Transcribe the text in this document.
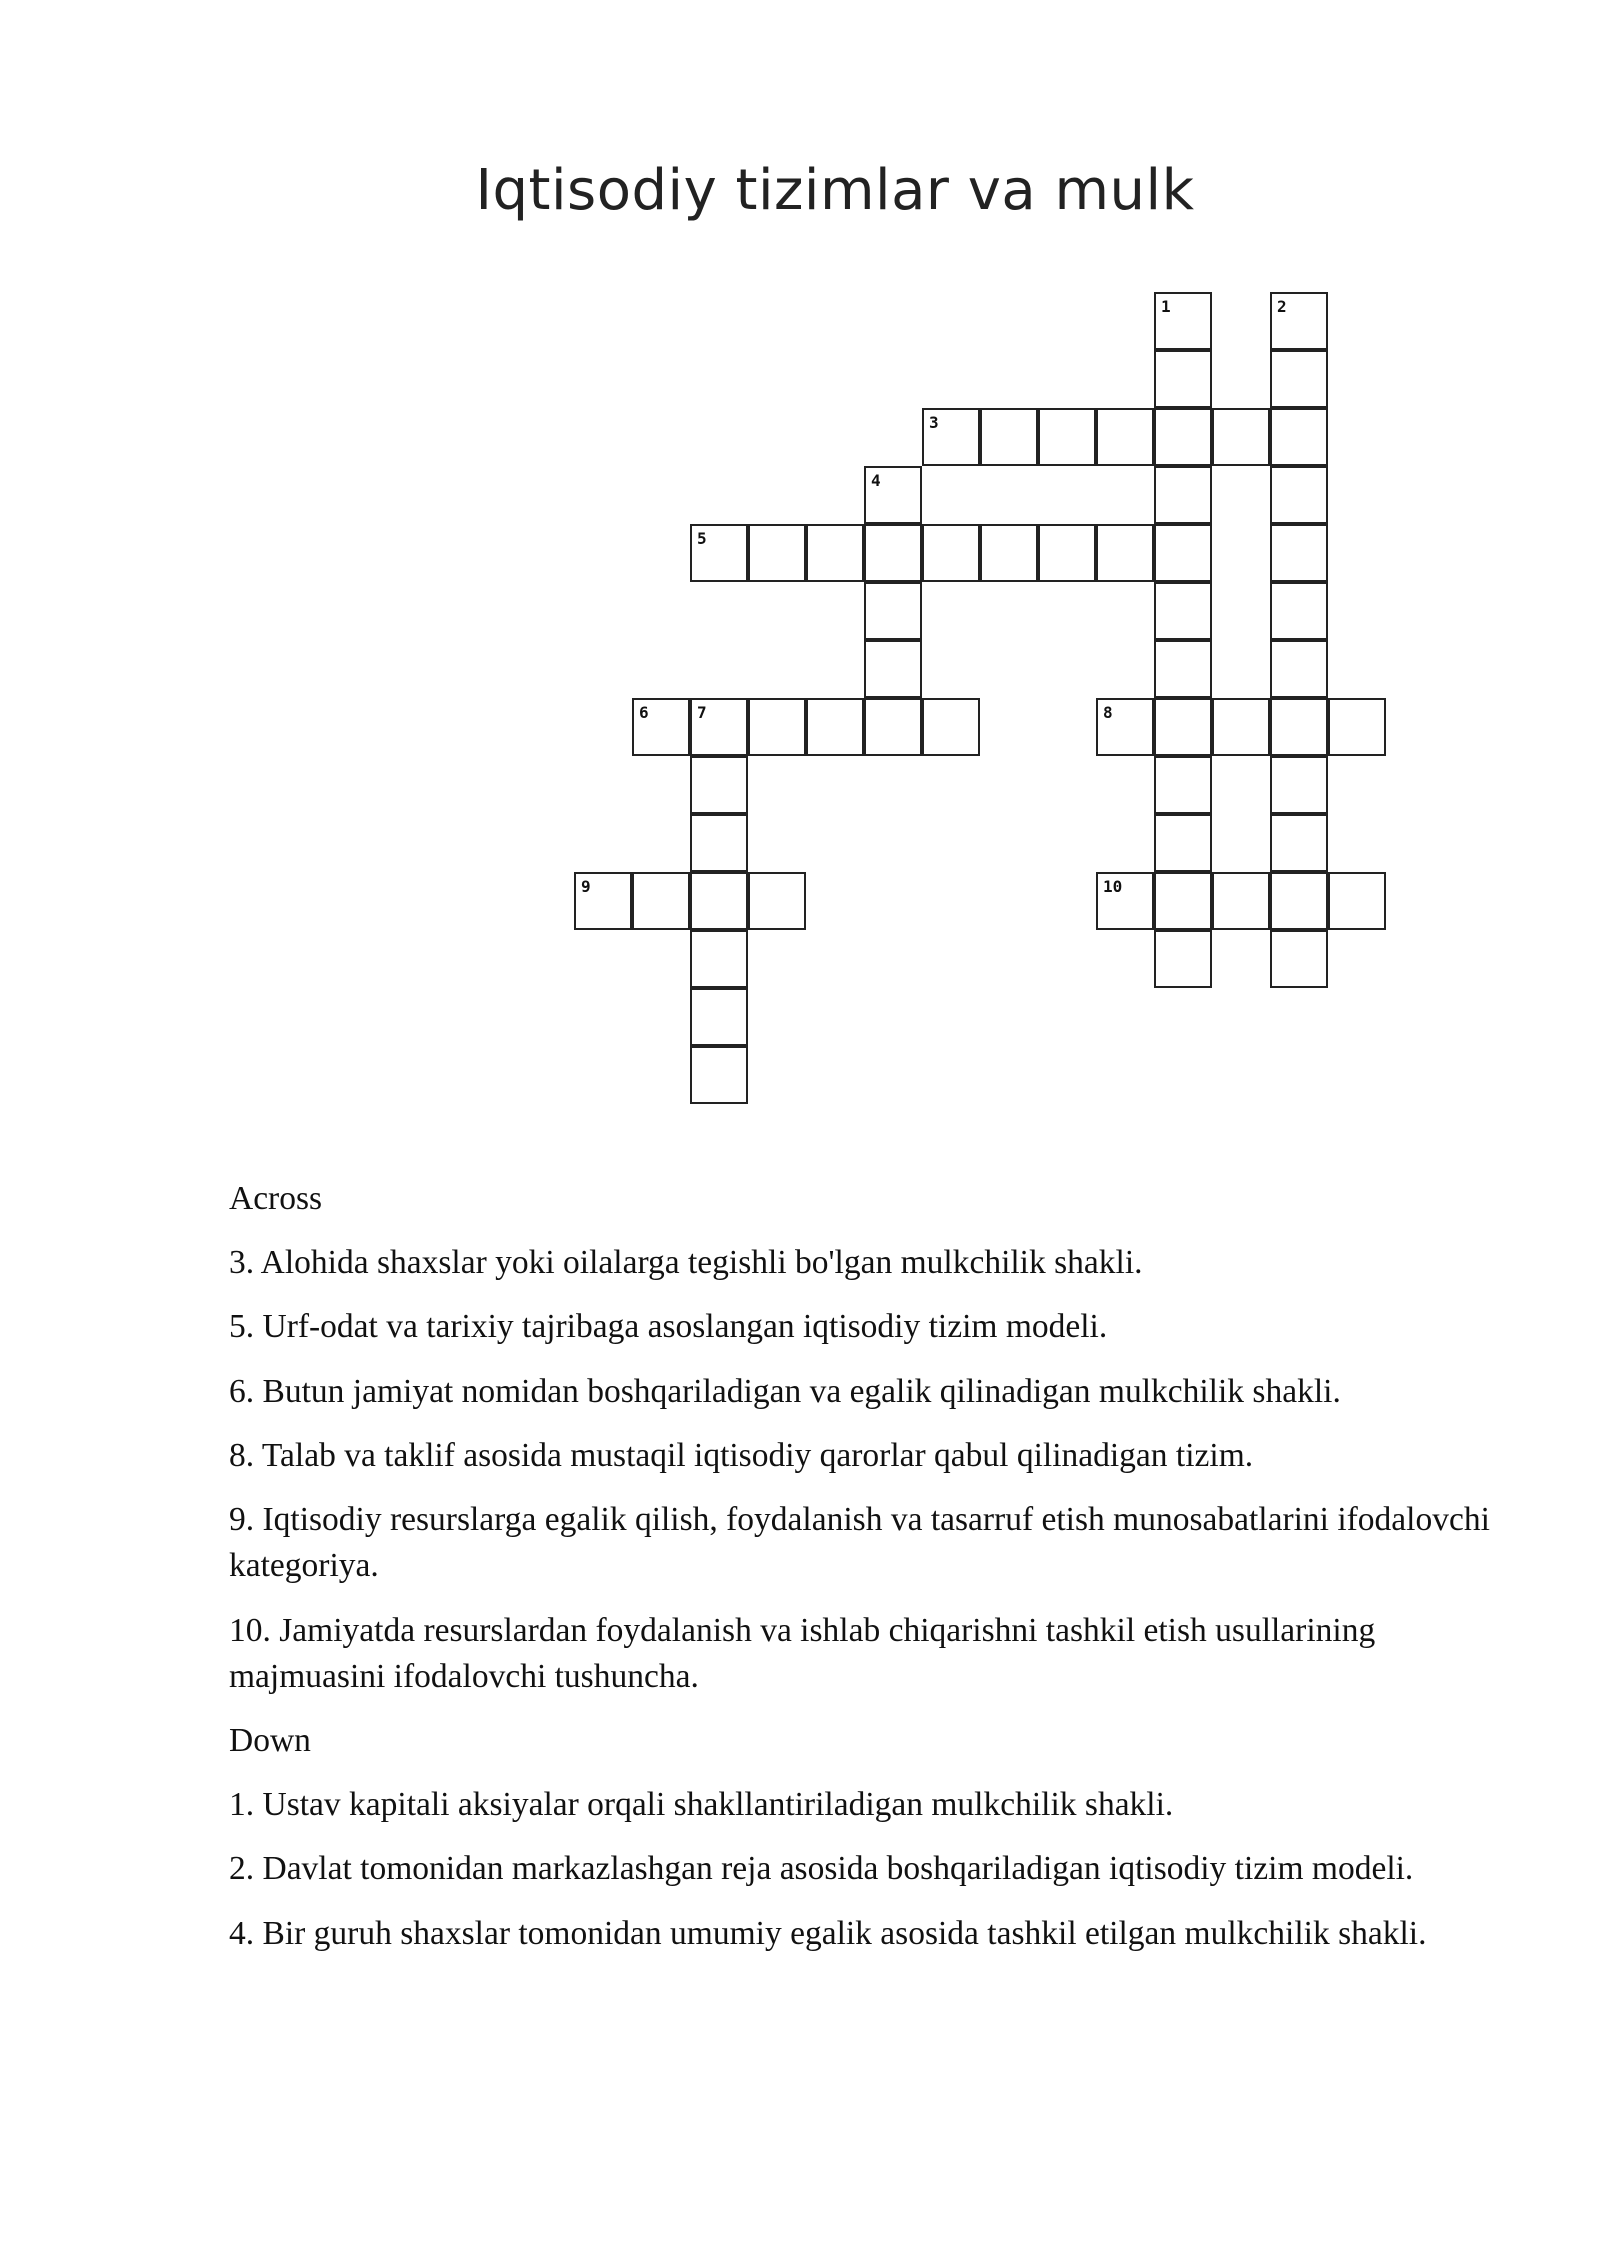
Iqtisodiy tizimlar va mulk
1	2
3
4
5
6	7	8
9	10
Across
3. Alohida shaxslar yoki oilalarga tegishli bo'lgan mulkchilik shakli.
5. Urf-odat va tarixiy tajribaga asoslangan iqtisodiy tizim modeli.
6. Butun jamiyat nomidan boshqariladigan va egalik qilinadigan mulkchilik shakli.
8. Talab va taklif asosida mustaqil iqtisodiy qarorlar qabul qilinadigan tizim.
9. Iqtisodiy resurslarga egalik qilish, foydalanish va tasarruf etish munosabatlarini ifodalovchi kategoriya.
10. Jamiyatda resurslardan foydalanish va ishlab chiqarishni tashkil etish usullarining majmuasini ifodalovchi tushuncha.
Down
1. Ustav kapitali aksiyalar orqali shakllantiriladigan mulkchilik shakli.
2. Davlat tomonidan markazlashgan reja asosida boshqariladigan iqtisodiy tizim modeli.
4. Bir guruh shaxslar tomonidan umumiy egalik asosida tashkil etilgan mulkchilik shakli.
